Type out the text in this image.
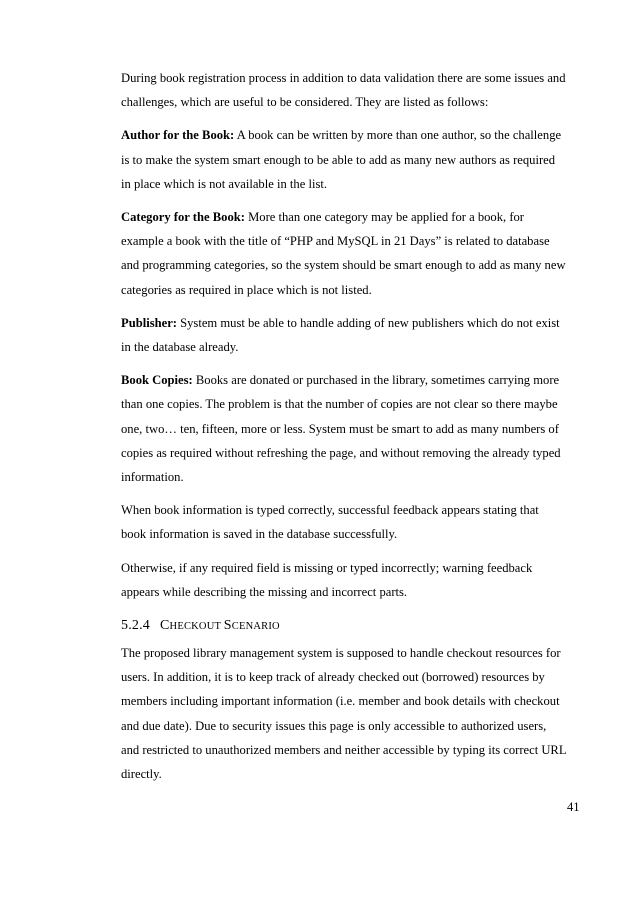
During book registration process in addition to data validation there are some issues and
challenges, which are useful to be considered. They are listed as follows:

Author for the Book: A book can be written by more than one author, so the challenge
is to make the system smart enough to be able to add as many new authors as required
in place which is not available in the list.

Category for the Book: More than one category may be applied for a book, for
example a book with the title of “PHP and MySQL in 21 Days” is related to database
and programming categories, so the system should be smart enough to add as many new
categories as required in place which is not listed.

Publisher: System must be able to handle adding of new publishers which do not exist
in the database already.

Book Copies: Books are donated or purchased in the library, sometimes carrying more
than one copies. The problem is that the number of copies are not clear so there maybe
one, two… ten, fifteen, more or less. System must be smart to add as many numbers of
copies as required without refreshing the page, and without removing the already typed
information.

When book information is typed correctly, successful feedback appears stating that
book information is saved in the database successfully.

Otherwise, if any required field is missing or typed incorrectly; warning feedback
appears while describing the missing and incorrect parts.

5.2.4 CHECKOUT SCENARIO

The proposed library management system is supposed to handle checkout resources for
users. In addition, it is to keep track of already checked out (borrowed) resources by
members including important information (i.e. member and book details with checkout
and due date). Due to security issues this page is only accessible to authorized users,
and restricted to unauthorized members and neither accessible by typing its correct URL
directly.

41
